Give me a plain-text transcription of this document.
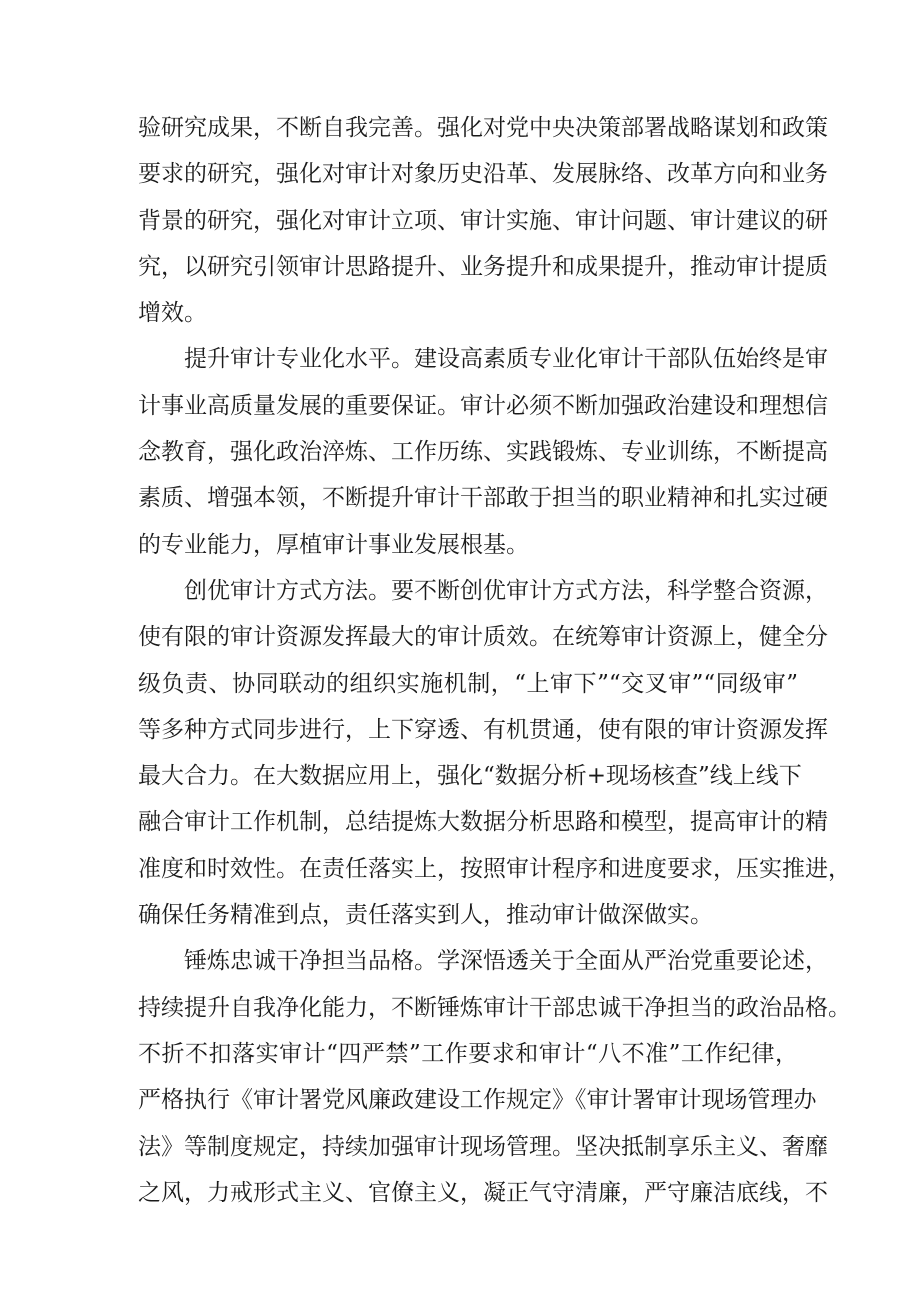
验研究成果，不断自我完善。强化对党中央决策部署战略谋划和政策
要求的研究，强化对审计对象历史沿革、发展脉络、改革方向和业务
背景的研究，强化对审计立项、审计实施、审计问题、审计建议的研
究，以研究引领审计思路提升、业务提升和成果提升，推动审计提质
增效。
提升审计专业化水平。建设高素质专业化审计干部队伍始终是审
计事业高质量发展的重要保证。审计必须不断加强政治建设和理想信
念教育，强化政治淬炼、工作历练、实践锻炼、专业训练，不断提高
素质、增强本领，不断提升审计干部敢于担当的职业精神和扎实过硬
的专业能力，厚植审计事业发展根基。
创优审计方式方法。要不断创优审计方式方法，科学整合资源，
使有限的审计资源发挥最大的审计质效。在统筹审计资源上，健全分
级负责、协同联动的组织实施机制，“上审下”“交叉审”“同级审”
等多种方式同步进行，上下穿透、有机贯通，使有限的审计资源发挥
最大合力。在大数据应用上，强化“数据分析+现场核查”线上线下
融合审计工作机制，总结提炼大数据分析思路和模型，提高审计的精
准度和时效性。在责任落实上，按照审计程序和进度要求，压实推进，
确保任务精准到点，责任落实到人，推动审计做深做实。
锤炼忠诚干净担当品格。学深悟透关于全面从严治党重要论述，
持续提升自我净化能力，不断锤炼审计干部忠诚干净担当的政治品格。
不折不扣落实审计“四严禁”工作要求和审计“八不准”工作纪律，
严格执行《审计署党风廉政建设工作规定》《审计署审计现场管理办
法》等制度规定，持续加强审计现场管理。坚决抵制享乐主义、奢靡
之风，力戒形式主义、官僚主义，凝正气守清廉，严守廉洁底线，不
